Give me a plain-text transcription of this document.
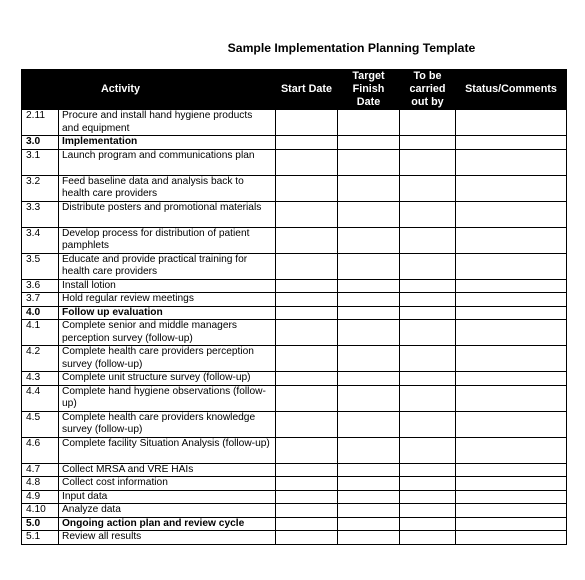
Sample Implementation Planning Template
	Activity	Start Date	Target Finish Date	To be carried out by	Status/Comments
2.11	Procure and install hand hygiene products and equipment				
3.0	Implementation				
3.1	Launch program and communications plan				
3.2	Feed baseline data and analysis back to health care providers				
3.3	Distribute posters and promotional materials				
3.4	Develop process for distribution of patient pamphlets				
3.5	Educate and provide practical training for health care providers				
3.6	Install lotion				
3.7	Hold regular review meetings				
4.0	Follow up evaluation				
4.1	Complete senior and middle managers perception survey (follow-up)				
4.2	Complete health care providers perception survey (follow-up)				
4.3	Complete unit structure survey (follow-up)				
4.4	Complete hand hygiene observations (follow-up)				
4.5	Complete health care providers knowledge survey (follow-up)				
4.6	Complete facility Situation Analysis (follow-up)				
4.7	Collect MRSA and VRE HAIs				
4.8	Collect cost information				
4.9	Input data				
4.10	Analyze data				
5.0	Ongoing action plan and review cycle				
5.1	Review all results				
